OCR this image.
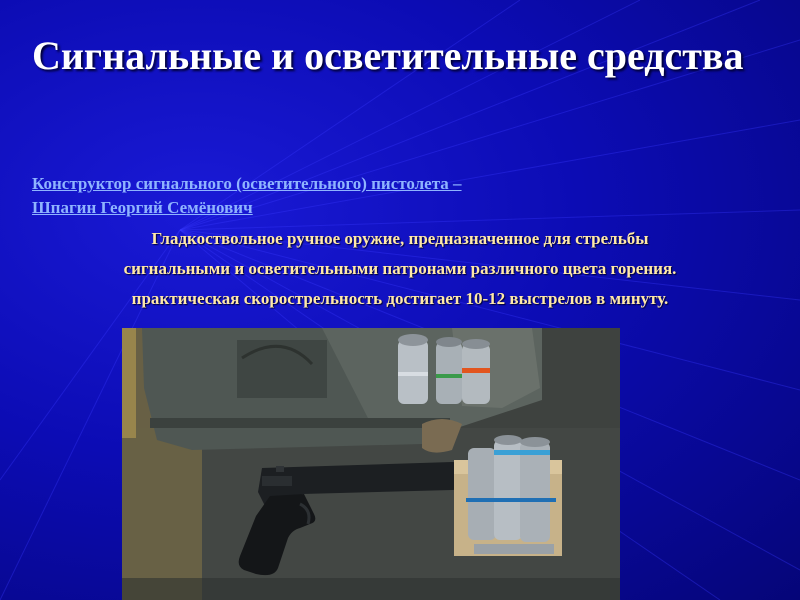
Сигнальные и осветительные средства
Конструктор сигнального (осветительного) пистолета –
Шпагин Георгий Семёнович
Гладкоствольное ручное оружие, предназначенное для стрельбы
сигнальными и осветительными патронами различного цвета горения.
практическая скорострельность достигает 10-12 выстрелов в минуту.
